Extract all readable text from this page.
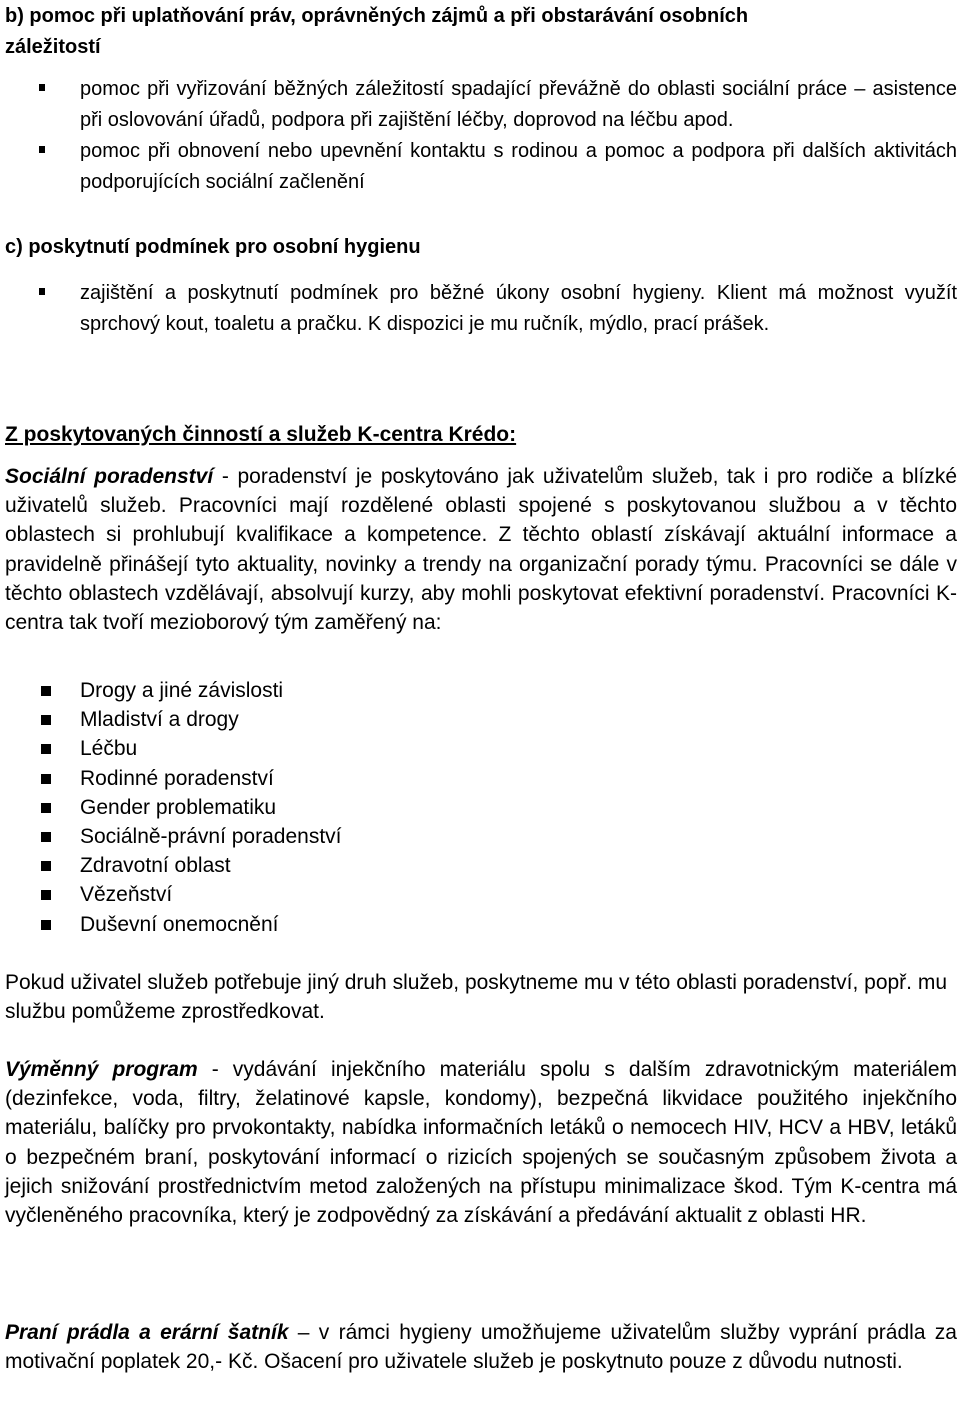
b) pomoc při uplatňování práv, oprávněných zájmů a při obstarávání osobních
záležitostí
pomoc při vyřizování běžných záležitostí spadající převážně do oblasti sociální práce – asistence při oslovování úřadů, podpora při zajištění léčby, doprovod na léčbu apod.
pomoc při obnovení nebo upevnění kontaktu s rodinou a pomoc a podpora při dalších aktivitách podporujících sociální začlenění
c) poskytnutí podmínek pro osobní hygienu
zajištění a poskytnutí podmínek pro běžné úkony osobní hygieny. Klient má možnost využít sprchový kout, toaletu a pračku. K dispozici je mu ručník, mýdlo, prací prášek.
Z poskytovaných činností a služeb K-centra Krédo:

Sociální poradenství - poradenství je poskytováno jak uživatelům služeb, tak i pro rodiče a blízké uživatelů služeb. Pracovníci mají rozdělené oblasti spojené s poskytovanou službou a v těchto oblastech si prohlubují kvalifikace a kompetence. Z těchto oblastí získávají aktuální informace a pravidelně přinášejí tyto aktuality, novinky a trendy na organizační porady týmu. Pracovníci se dále v těchto oblastech vzdělávají, absolvují kurzy, aby mohli poskytovat efektivní poradenství. Pracovníci K-centra tak tvoří mezioborový tým zaměřený na:

Drogy a jiné závislosti
Mladiství a drogy
Léčbu
Rodinné poradenství
Gender problematiku
Sociálně-právní poradenství
Zdravotní oblast
Vězeňství
Duševní onemocnění

Pokud uživatel služeb potřebuje jiný druh služeb, poskytneme mu v této oblasti poradenství, popř. mu službu pomůžeme zprostředkovat.

Výměnný program - vydávání injekčního materiálu spolu s dalším zdravotnickým materiálem (dezinfekce, voda, filtry, želatinové kapsle, kondomy), bezpečná likvidace použitého injekčního materiálu, balíčky pro prvokontakty, nabídka informačních letáků o nemocech HIV, HCV a HBV, letáků o bezpečném braní, poskytování informací o rizicích spojených se současným způsobem života a jejich snižování prostřednictvím metod založených na přístupu minimalizace škod. Tým K-centra má vyčleněného pracovníka, který je zodpovědný za získávání a předávání aktualit z oblasti HR.

Praní prádla a erární šatník – v rámci hygieny umožňujeme uživatelům služby vyprání prádla za motivační poplatek 20,- Kč. Ošacení pro uživatele služeb je poskytnuto pouze z důvodu nutnosti.
